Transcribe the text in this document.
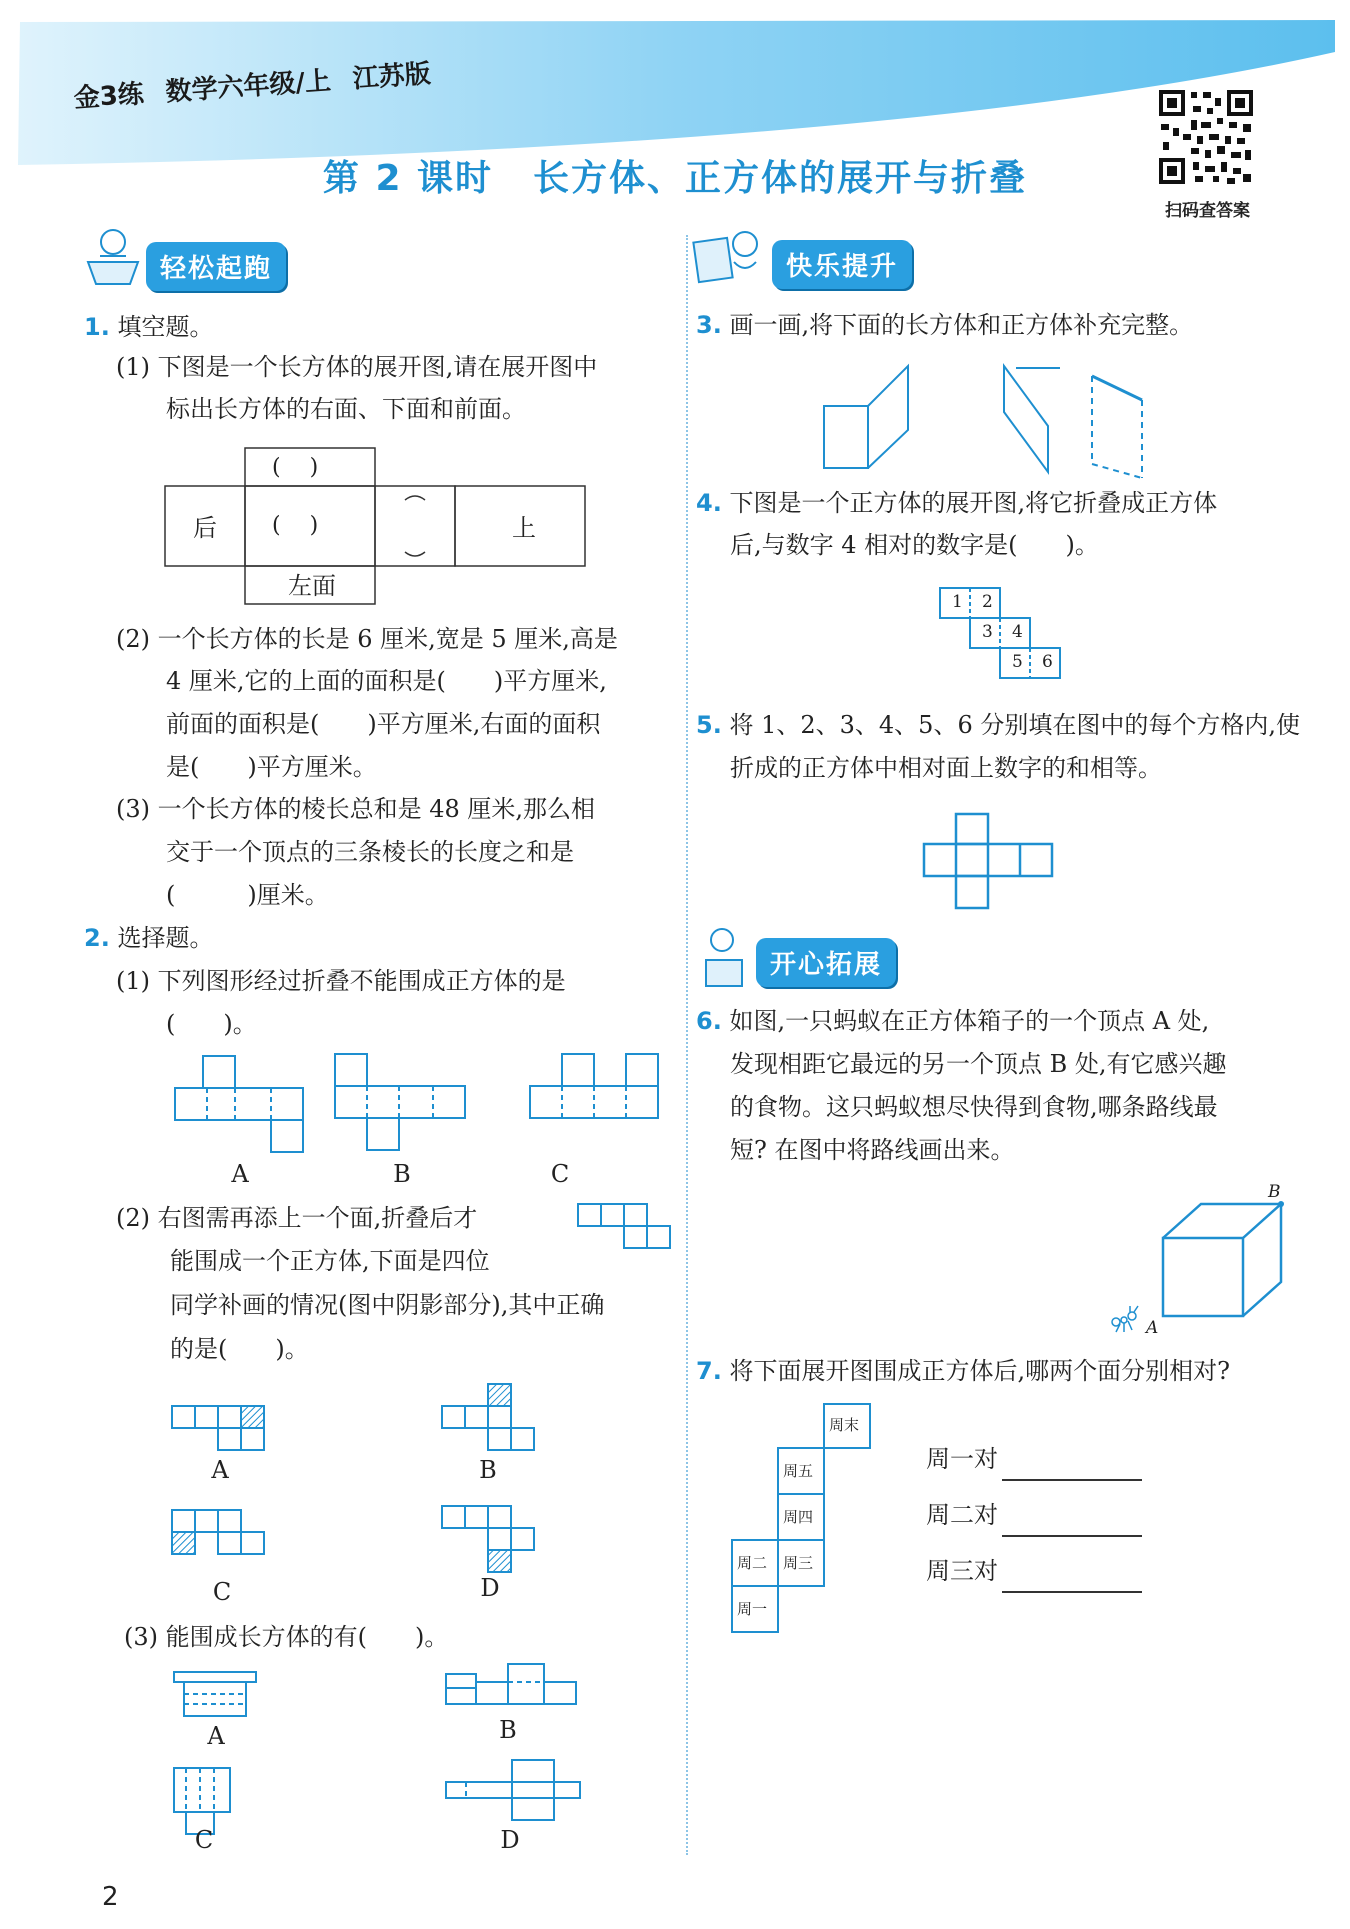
金3练 数学六年级/上 江苏版
第 2 课时 长方体、正方体的展开与折叠
扫码查答案
轻松起跑
1. 填空题。
(1) 下图是一个长方体的展开图,请在展开图中
标出长方体的右面、下面和前面。
(　 )
后	(　 )	上
左面
(2) 一个长方体的长是 6 厘米,宽是 5 厘米,高是
4 厘米,它的上面的面积是(　　)平方厘米,
前面的面积是(　　)平方厘米,右面的面积
是(　　)平方厘米。
(3) 一个长方体的棱长总和是 48 厘米,那么相
交于一个顶点的三条棱长的长度之和是
(　　　)厘米。
2. 选择题。
(1) 下列图形经过折叠不能围成正方体的是
(　　)。
A	B	C
(2) 右图需再添上一个面,折叠后才
能围成一个正方体,下面是四位
同学补画的情况(图中阴影部分),其中正确
的是(　　)。
A	B
C	D
(3) 能围成长方体的有(　　)。
A	B
C	D
快乐提升
3. 画一画,将下面的长方体和正方体补充完整。
4. 下图是一个正方体的展开图,将它折叠成正方体
后,与数字 4 相对的数字是(　　)。
1 2
3 4
5 6
5. 将 1、2、3、4、5、6 分别填在图中的每个方格内,使
折成的正方体中相对面上数字的和相等。
开心拓展
6. 如图,一只蚂蚁在正方体箱子的一个顶点 A 处,
发现相距它最远的另一个顶点 B 处,有它感兴趣
的食物。这只蚂蚁想尽快得到食物,哪条路线最
短? 在图中将路线画出来。
B
A
7. 将下面展开图围成正方体后,哪两个面分别相对?
周末
周五
周四
周二 周三
周一
周一对
周二对
周三对
2
